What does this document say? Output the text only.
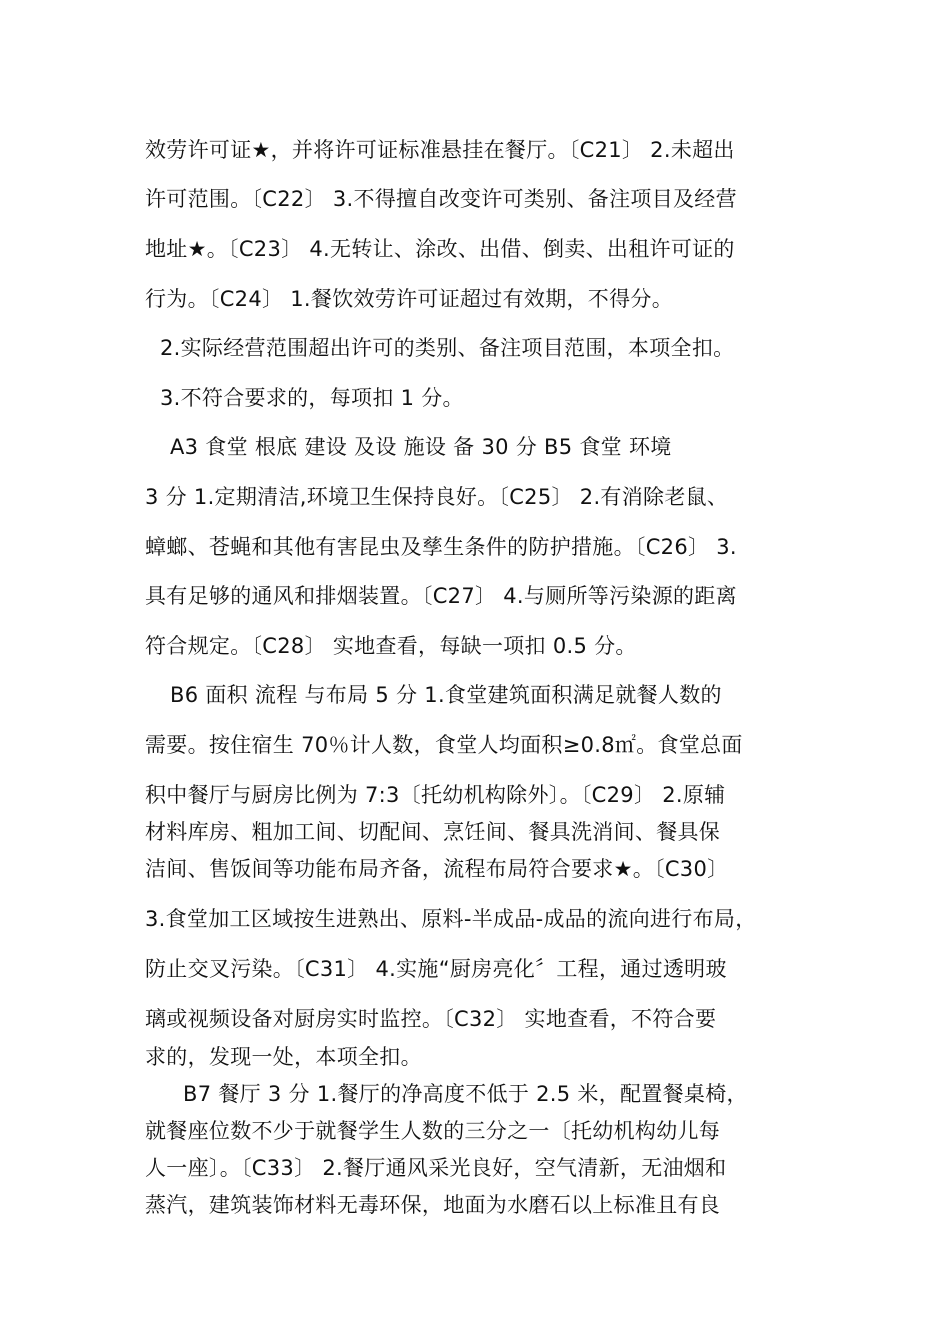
效劳许可证★，并将许可证标准悬挂在餐厅。〔C21〕 2.未超出
许可范围。〔C22〕 3.不得擅自改变许可类别、备注项目及经营
地址★。〔C23〕 4.无转让、涂改、出借、倒卖、出租许可证的
行为。〔C24〕 1.餐饮效劳许可证超过有效期，不得分。
2.实际经营范围超出许可的类别、备注项目范围，本项全扣。
3.不符合要求的，每项扣 1 分。
A3 食堂 根底 建设 及设 施设 备 30 分 B5 食堂 环境
3 分 1.定期清洁,环境卫生保持良好。〔C25〕 2.有消除老鼠、
蟑螂、苍蝇和其他有害昆虫及孳生条件的防护措施。〔C26〕 3.
具有足够的通风和排烟装置。〔C27〕 4.与厕所等污染源的距离
符合规定。〔C28〕 实地查看，每缺一项扣 0.5 分。
B6 面积 流程 与布局 5 分 1.食堂建筑面积满足就餐人数的
需要。按住宿生 70％计人数，食堂人均面积≥0.8㎡。食堂总面
积中餐厅与厨房比例为 7:3〔托幼机构除外〕。〔C29〕 2.原辅
材料库房、粗加工间、切配间、烹饪间、餐具洗消间、餐具保
洁间、售饭间等功能布局齐备，流程布局符合要求★。〔C30〕
3.食堂加工区域按生进熟出、原料-半成品-成品的流向进行布局，
防止交叉污染。〔C31〕 4.实施“厨房亮化〞工程，通过透明玻
璃或视频设备对厨房实时监控。〔C32〕 实地查看，不符合要
求的，发现一处，本项全扣。
B7 餐厅 3 分 1.餐厅的净高度不低于 2.5 米，配置餐桌椅，
就餐座位数不少于就餐学生人数的三分之一〔托幼机构幼儿每
人一座〕。〔C33〕 2.餐厅通风采光良好，空气清新，无油烟和
蒸汽，建筑装饰材料无毒环保，地面为水磨石以上标准且有良
